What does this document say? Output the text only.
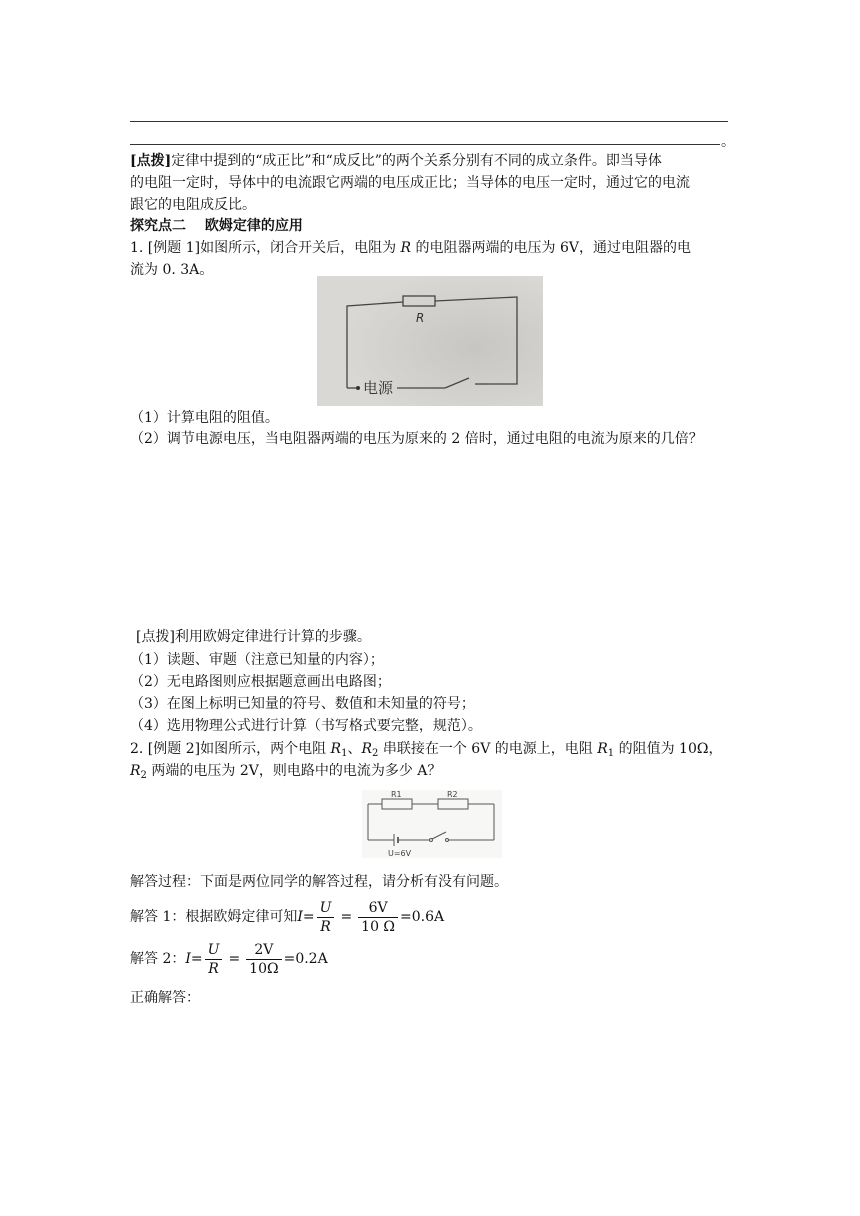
。
[点拨]定律中提到的“成正比”和“成反比”的两个关系分别有不同的成立条件。即当导体
的电阻一定时，导体中的电流跟它两端的电压成正比；当导体的电压一定时，通过它的电流
跟它的电阻成反比。
探究点二　 欧姆定律的应用
1. [例题 1]如图所示，闭合开关后，电阻为 R 的电阻器两端的电压为 6V，通过电阻器的电
流为 0. 3A。
R
电源
（1）计算电阻的阻值。
（2）调节电源电压，当电阻器两端的电压为原来的 2 倍时，通过电阻的电流为原来的几倍？
[点拨]利用欧姆定律进行计算的步骤。
（1）读题、审题（注意已知量的内容）；
（2）无电路图则应根据题意画出电路图；
（3）在图上标明已知量的符号、数值和未知量的符号；
（4）选用物理公式进行计算（书写格式要完整，规范）。
2. [例题 2]如图所示，两个电阻 $R_1$、$R_2$ 串联接在一个 6V 的电源上，电阻 $R_1$ 的阻值为 10Ω，
$R_2$ 两端的电压为 2V，则电路中的电流为多少 A？
R1	R2
U=6V
解答过程：下面是两位同学的解答过程，请分析有没有问题。
解答 1：根据欧姆定律可知 $I = \frac{U}{R} = \frac{6V}{10 \Omega} =0.6A$
解答 2： $I = \frac{U}{R} = \frac{2V}{10\Omega} =0.2A$
正确解答：
